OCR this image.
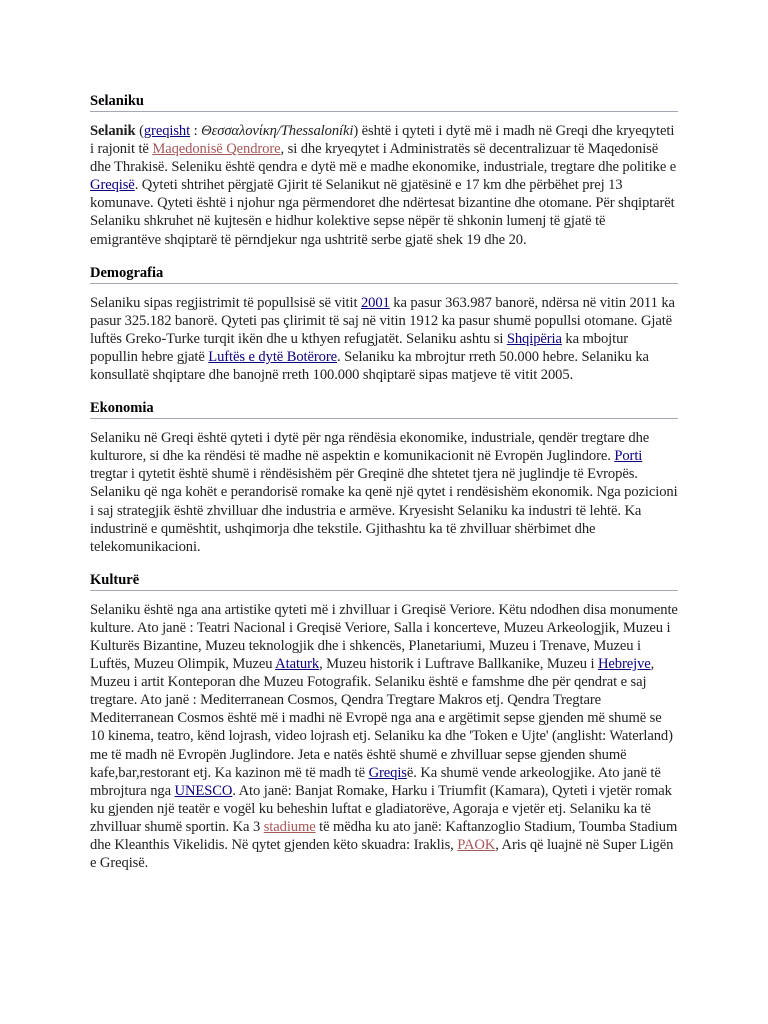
Selaniku

Selanik (greqisht : Θεσσαλονίκη/Thessaloníki) është i qyteti i dytë më i madh në Greqi dhe kryeqyteti i rajonit të Maqedonisë Qendrore, si dhe kryeqytet i Administratës së decentralizuar të Maqedonisë dhe Thrakisë. Seleniku është qendra e dytë më e madhe ekonomike, industriale, tregtare dhe politike e Greqisë. Qyteti shtrihet përgjatë Gjirit të Selanikut në gjatësinë e 17 km dhe përbëhet prej 13 komunave. Qyteti është i njohur nga përmendoret dhe ndërtesat bizantine dhe otomane. Për shqiptarët Selaniku shkruhet në kujtesën e hidhur kolektive sepse nëpër të shkonin lumenj të gjatë të emigrantëve shqiptarë të përndjekur nga ushtritë serbe gjatë shek 19 dhe 20.

Demografia

Selaniku sipas regjistrimit të popullsisë së vitit 2001 ka pasur 363.987 banorë, ndërsa në vitin 2011 ka pasur 325.182 banorë. Qyteti pas çlirimit të saj në vitin 1912 ka pasur shumë popullsi otomane. Gjatë luftës Greko-Turke turqit ikën dhe u kthyen refugjatët. Selaniku ashtu si Shqipëria ka mbojtur popullin hebre gjatë Luftës e dytë Botërore. Selaniku ka mbrojtur rreth 50.000 hebre. Selaniku ka konsullatë shqiptare dhe banojnë rreth 100.000 shqiptarë sipas matjeve të vitit 2005.

Ekonomia

Selaniku në Greqi është qyteti i dytë për nga rëndësia ekonomike, industriale, qendër tregtare dhe kulturore, si dhe ka rëndësi të madhe në aspektin e komunikacionit në Evropën Juglindore. Porti tregtar i qytetit është shumë i rëndësishëm për Greqinë dhe shtetet tjera në juglindje të Evropës. Selaniku që nga kohët e perandorisë romake ka qenë një qytet i rendësishëm ekonomik. Nga pozicioni i saj strategjik është zhvilluar dhe industria e armëve. Kryesisht Selaniku ka industri të lehtë. Ka industrinë e qumështit, ushqimorja dhe tekstile. Gjithashtu ka të zhvilluar shërbimet dhe telekomunikacioni.

Kulturë

Selaniku është nga ana artistike qyteti më i zhvilluar i Greqisë Veriore. Këtu ndodhen disa monumente kulture. Ato janë : Teatri Nacional i Greqisë Veriore, Salla i koncerteve, Muzeu Arkeologjik, Muzeu i Kulturës Bizantine, Muzeu teknologjik dhe i shkencës, Planetariumi, Muzeu i Trenave, Muzeu i Luftës, Muzeu Olimpik, Muzeu Ataturk, Muzeu historik i Luftrave Ballkanike, Muzeu i Hebrejve, Muzeu i artit Konteporan dhe Muzeu Fotografik. Selaniku është e famshme dhe për qendrat e saj tregtare. Ato janë : Mediterranean Cosmos, Qendra Tregtare Makros etj. Qendra Tregtare Mediterranean Cosmos është më i madhi në Evropë nga ana e argëtimit sepse gjenden më shumë se 10 kinema, teatro, kënd lojrash, video lojrash etj. Selaniku ka dhe 'Token e Ujte' (anglisht: Waterland) me të madh në Evropën Juglindore. Jeta e natës është shumë e zhvilluar sepse gjenden shumë kafe,bar,restorant etj. Ka kazinon më të madh të Greqisë. Ka shumë vende arkeologjike. Ato janë të mbrojtura nga UNESCO. Ato janë: Banjat Romake, Harku i Triumfit (Kamara), Qyteti i vjetër romak ku gjenden një teatër e vogël ku beheshin luftat e gladiatorëve, Agoraja e vjetër etj. Selaniku ka të zhvilluar shumë sportin. Ka 3 stadiume të mëdha ku ato janë: Kaftanzoglio Stadium, Toumba Stadium dhe Kleanthis Vikelidis. Në qytet gjenden këto skuadra: Iraklis, PAOK, Aris që luajnë në Super Ligën e Greqisë.
